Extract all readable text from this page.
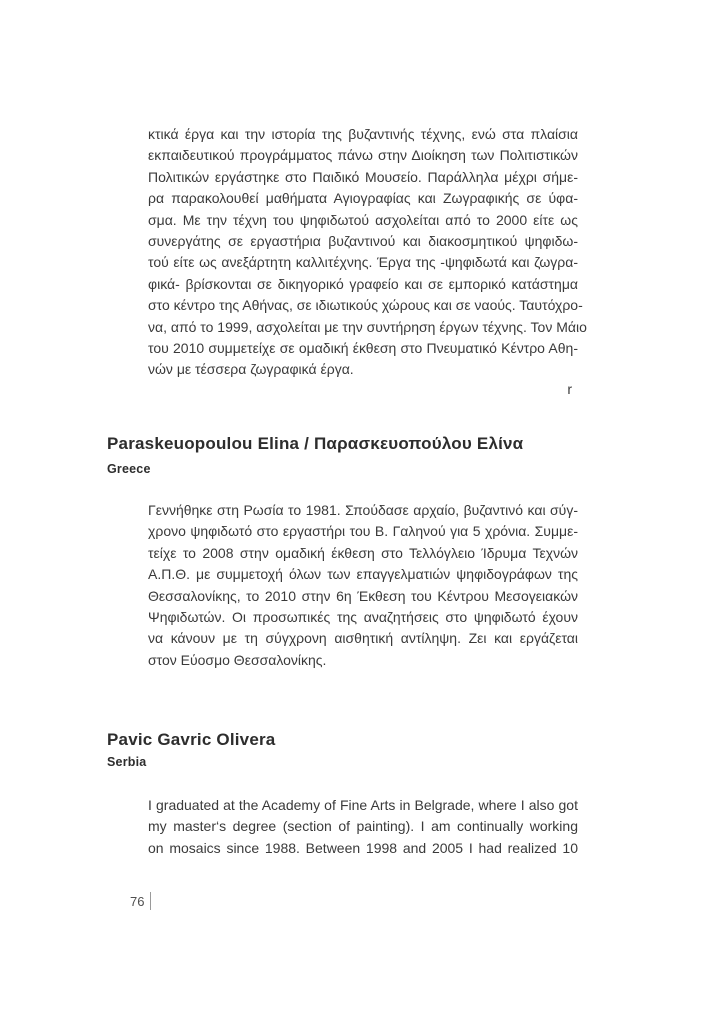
κτικά έργα και την ιστορία της βυζαντινής τέχνης, ενώ στα πλαίσια
εκπαιδευτικού προγράμματος πάνω στην Διοίκηση των Πολιτιστικών
Πολιτικών εργάστηκε στο Παιδικό Μουσείο. Παράλληλα μέχρι σήμε-
ρα παρακολουθεί μαθήματα Αγιογραφίας και Ζωγραφικής σε ύφα-
σμα. Με την τέχνη του ψηφιδωτού ασχολείται από το 2000 είτε ως
συνεργάτης σε εργαστήρια βυζαντινού και διακοσμητικού ψηφιδω-
τού είτε ως ανεξάρτητη καλλιτέχνης. Έργα της -ψηφιδωτά και ζωγρα-
φικά- βρίσκονται σε δικηγορικό γραφείο και σε εμπορικό κατάστημα
στο κέντρο της Αθήνας, σε ιδιωτικούς χώρους και σε ναούς. Ταυτόχρο-
να, από το 1999, ασχολείται με την συντήρηση έργων τέχνης. Τον Μάιο
του 2010 συμμετείχε σε ομαδική έκθεση στο Πνευματικό Κέντρο Αθη-
νών με τέσσερα ζωγραφικά έργα.
r
Paraskeuopoulou Elina / Παρασκευοπούλου Ελίνα
Greece
Γεννήθηκε στη Ρωσία το 1981. Σπούδασε αρχαίο, βυζαντινό και σύγ-
χρονο ψηφιδωτό στο εργαστήρι του Β. Γαληνού για 5 χρόνια. Συμμε-
τείχε το 2008 στην ομαδική έκθεση στο Τελλόγλειο Ίδρυμα Τεχνών
Α.Π.Θ. με συμμετοχή όλων των επαγγελματιών ψηφιδογράφων της
Θεσσαλονίκης, το 2010 στην 6η Έκθεση του Κέντρου Μεσογειακών
Ψηφιδωτών. Οι προσωπικές της αναζητήσεις στο ψηφιδωτό έχουν
να κάνουν με τη σύγχρονη αισθητική αντίληψη. Ζει και εργάζεται
στον Εύοσμο Θεσσαλονίκης.
Pavic Gavric Olivera
Serbia
I graduated at the Academy of Fine Arts in Belgrade, where I also got
my master‘s degree (section of painting). I am continually working
on mosaics since 1988. Between 1998 and 2005 I had realized 10
76
